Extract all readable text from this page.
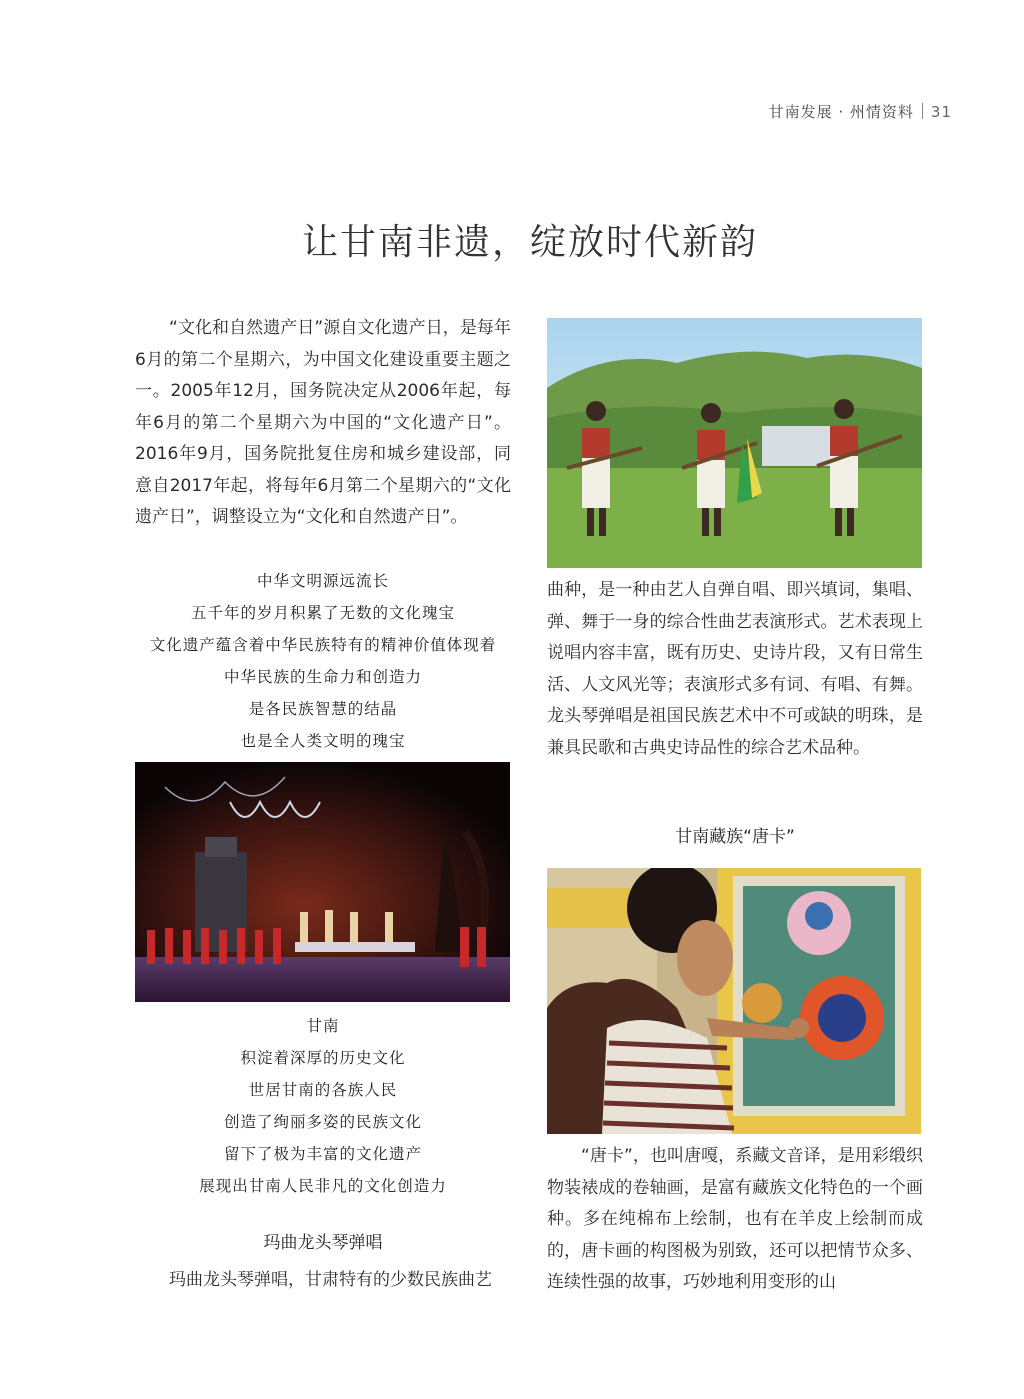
甘南发展 · 州情资料 31
让甘南非遗，绽放时代新韵
“文化和自然遗产日”源自文化遗产日，是每年6月的第二个星期六，为中国文化建设重要主题之一。2005年12月，国务院决定从2006年起，每年6月的第二个星期六为中国的“文化遗产日”。2016年9月，国务院批复住房和城乡建设部，同意自2017年起，将每年6月第二个星期六的“文化遗产日”，调整设立为“文化和自然遗产日”。
中华文明源远流长
五千年的岁月积累了无数的文化瑰宝
文化遗产蕴含着中华民族特有的精神价值体现着
中华民族的生命力和创造力
是各民族智慧的结晶
也是全人类文明的瑰宝
甘南
积淀着深厚的历史文化
世居甘南的各族人民
创造了绚丽多姿的民族文化
留下了极为丰富的文化遗产
展现出甘南人民非凡的文化创造力
玛曲龙头琴弹唱
玛曲龙头琴弹唱，甘肃特有的少数民族曲艺
曲种，是一种由艺人自弹自唱、即兴填词，集唱、弹、舞于一身的综合性曲艺表演形式。艺术表现上说唱内容丰富，既有历史、史诗片段，又有日常生活、人文风光等；表演形式多有词、有唱、有舞。龙头琴弹唱是祖国民族艺术中不可或缺的明珠，是兼具民歌和古典史诗品性的综合艺术品种。
甘南藏族“唐卡”
“唐卡”，也叫唐嘎，系藏文音译，是用彩缎织物装裱成的卷轴画，是富有藏族文化特色的一个画种。多在纯棉布上绘制，也有在羊皮上绘制而成的，唐卡画的构图极为别致，还可以把情节众多、连续性强的故事，巧妙地利用变形的山
